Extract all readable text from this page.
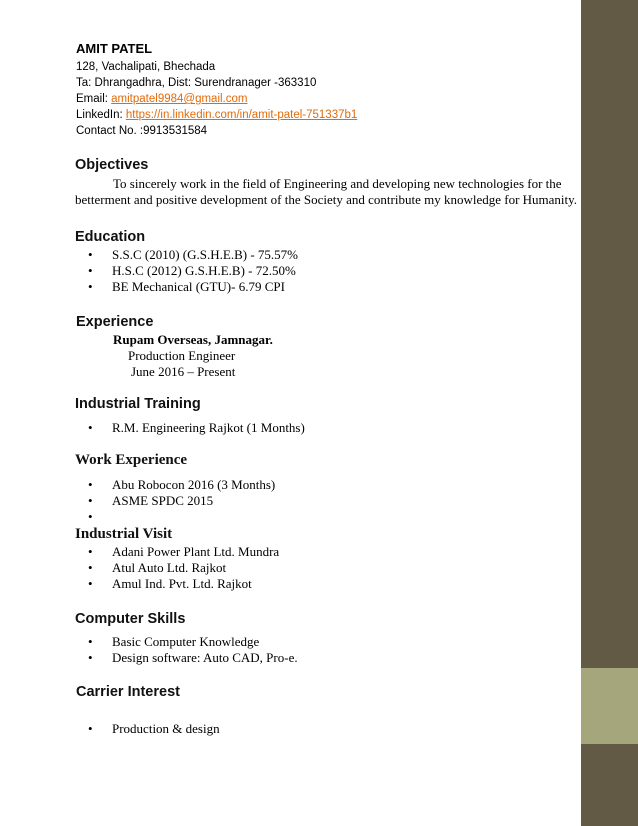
AMIT PATEL
128, Vachalipati, Bhechada
Ta: Dhrangadhra, Dist: Surendranager -363310
Email: amitpatel9984@gmail.com
LinkedIn: https://in.linkedin.com/in/amit-patel-751337b1
Contact No. :9913531584
Objectives
To sincerely work in the field of Engineering and developing new technologies for the
betterment and positive development of the Society and contribute my knowledge for Humanity.
Education
• S.S.C (2010) (G.S.H.E.B) - 75.57%
• H.S.C (2012) G.S.H.E.B) - 72.50%
• BE Mechanical (GTU)- 6.79 CPI
Experience
Rupam Overseas, Jamnagar.
Production Engineer
June 2016 – Present
Industrial Training
• R.M. Engineering Rajkot (1 Months)
Work Experience
• Abu Robocon 2016 (3 Months)
• ASME SPDC 2015
•
Industrial Visit
• Adani Power Plant Ltd. Mundra
• Atul Auto Ltd. Rajkot
• Amul Ind. Pvt. Ltd. Rajkot
Computer Skills
• Basic Computer Knowledge
• Design software: Auto CAD, Pro-e.
Carrier Interest
• Production & design
